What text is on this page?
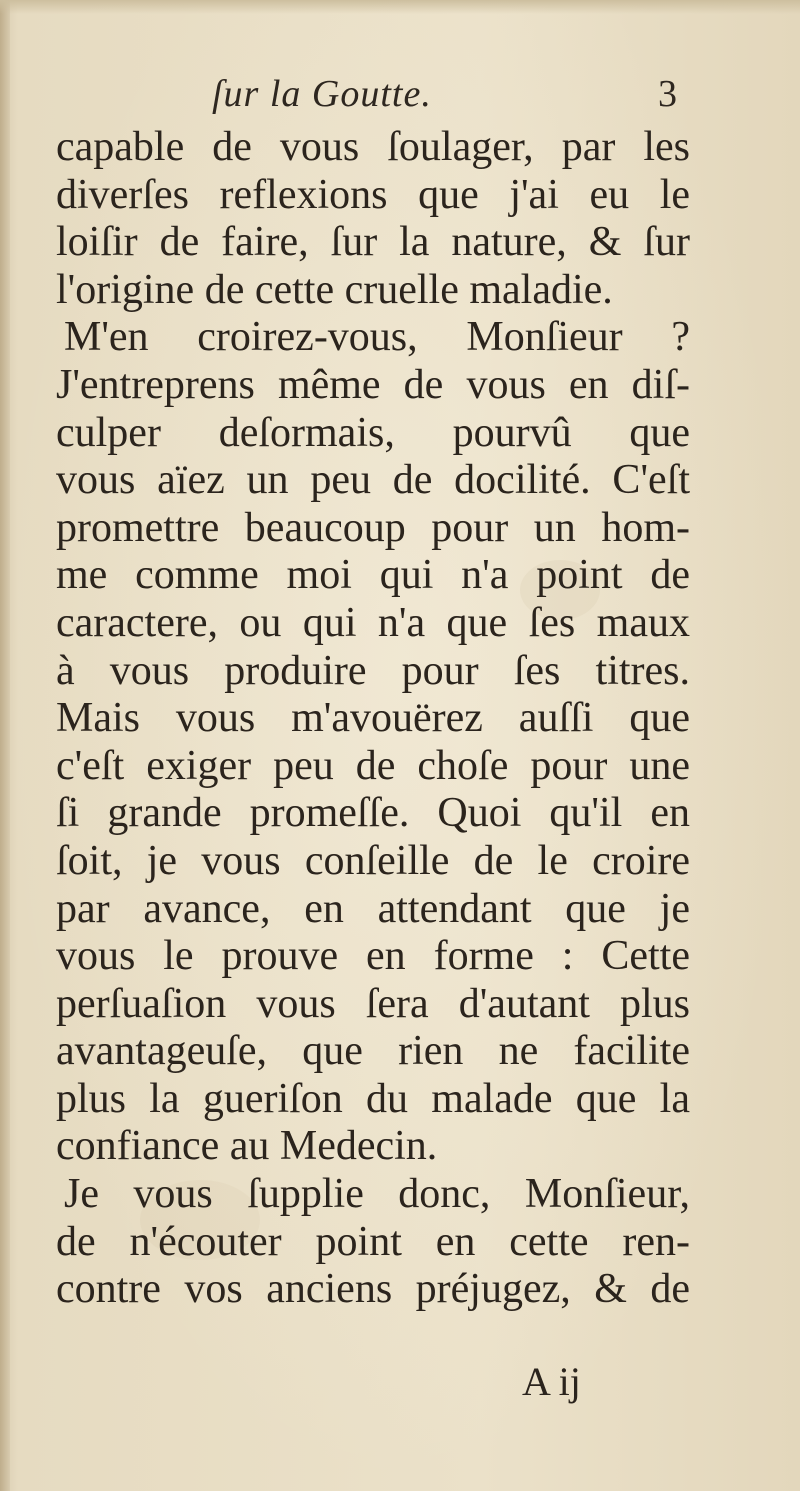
ſur la Goutte.	3
capable de vous ſoulager, par les
diverſes reflexions que j'ai eu le
loiſir de faire, ſur la nature, & ſur
l'origine de cette cruelle maladie.
M'en croirez-vous, Monſieur ?
J'entreprens même de vous en diſ-
culper deſormais, pourvû que
vous aïez un peu de docilité. C'eſt
promettre beaucoup pour un hom-
me comme moi qui n'a point de
caractere, ou qui n'a que ſes maux
à vous produire pour ſes titres.
Mais vous m'avouërez auſſi que
c'eſt exiger peu de choſe pour une
ſi grande promeſſe. Quoi qu'il en
ſoit, je vous conſeille de le croire
par avance, en attendant que je
vous le prouve en forme : Cette
perſuaſion vous ſera d'autant plus
avantageuſe, que rien ne facilite
plus la gueriſon du malade que la
confiance au Medecin.
Je vous ſupplie donc, Monſieur,
de n'écouter point en cette ren-
contre vos anciens préjugez, & de
A ij
